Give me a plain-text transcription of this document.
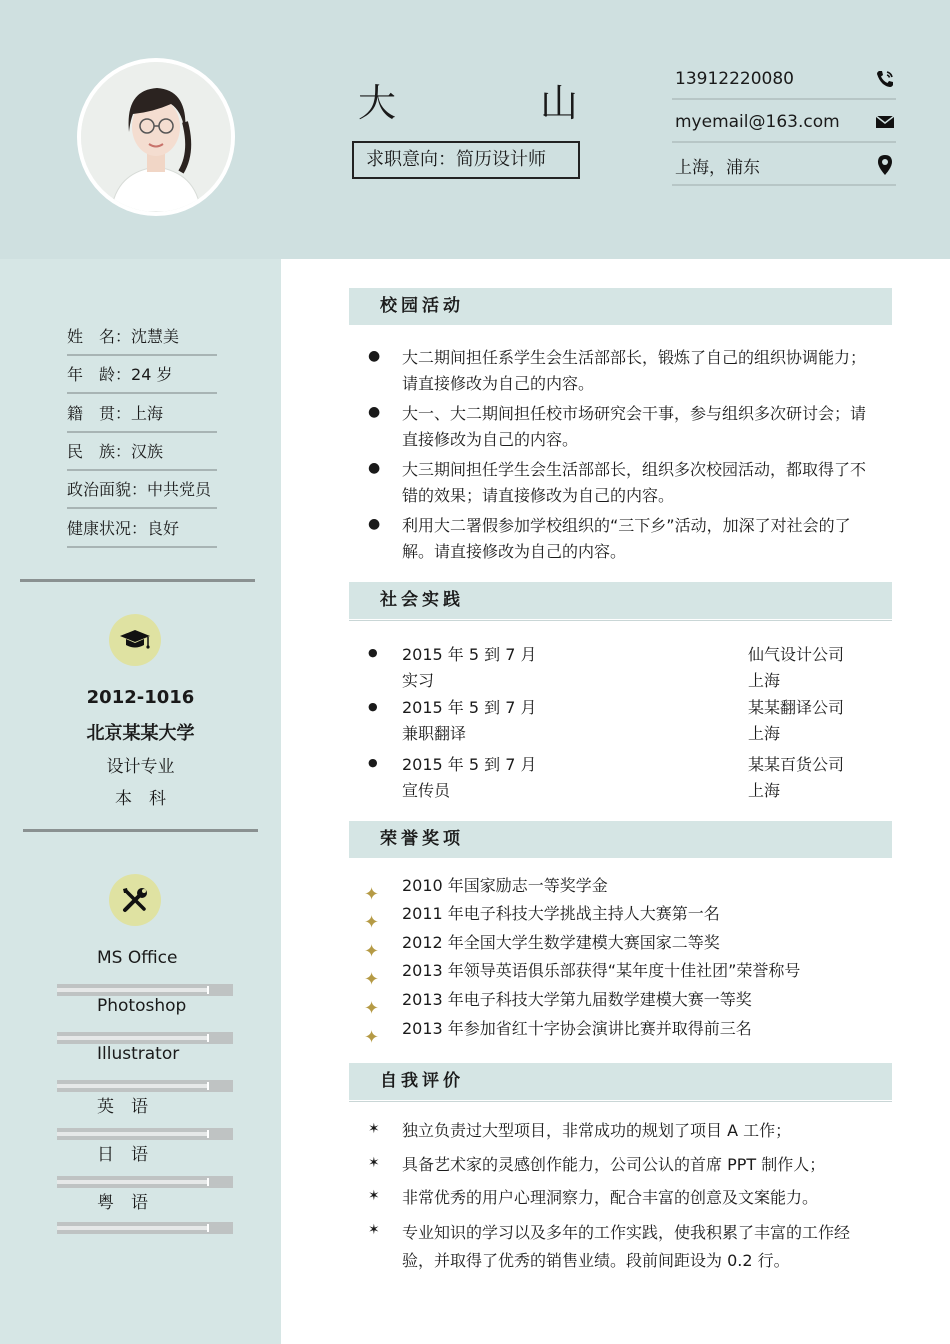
大	山
求职意向：简历设计师
13912220080
myemail@163.com
上海，浦东
姓　名：沈慧美
年　龄：24 岁
籍　贯：上海
民　族：汉族
政治面貌：中共党员
健康状况：良好
2012-1016
北京某某大学
设计专业
本　科
MS Office
Photoshop
Illustrator
英　语
日　语
粤　语
校园活动
● 大二期间担任系学生会生活部部长，锻炼了自己的组织协调能力；请直接修改为自己的内容。
● 大一、大二期间担任校市场研究会干事，参与组织多次研讨会；请直接修改为自己的内容。
● 大三期间担任学生会生活部部长，组织多次校园活动，都取得了不错的效果；请直接修改为自己的内容。
● 利用大二署假参加学校组织的“三下乡”活动，加深了对社会的了解。请直接修改为自己的内容。
社会实践
● 2015 年 5 到 7 月
实习
仙气设计公司
上海
● 2015 年 5 到 7 月
兼职翻译
某某翻译公司
上海
● 2015 年 5 到 7 月
宣传员
某某百货公司
上海
荣誉奖项
✦ 2010 年国家励志一等奖学金
✦ 2011 年电子科技大学挑战主持人大赛第一名
✦ 2012 年全国大学生数学建模大赛国家二等奖
✦ 2013 年领导英语俱乐部获得“某年度十佳社团”荣誉称号
✦ 2013 年电子科技大学第九届数学建模大赛一等奖
✦ 2013 年参加省红十字协会演讲比赛并取得前三名
自我评价
✶ 独立负责过大型项目，非常成功的规划了项目 A 工作；
✶ 具备艺术家的灵感创作能力，公司公认的首席 PPT 制作人；
✶ 非常优秀的用户心理洞察力，配合丰富的创意及文案能力。
✶ 专业知识的学习以及多年的工作实践，使我积累了丰富的工作经验，并取得了优秀的销售业绩。段前间距设为 0.2 行。
